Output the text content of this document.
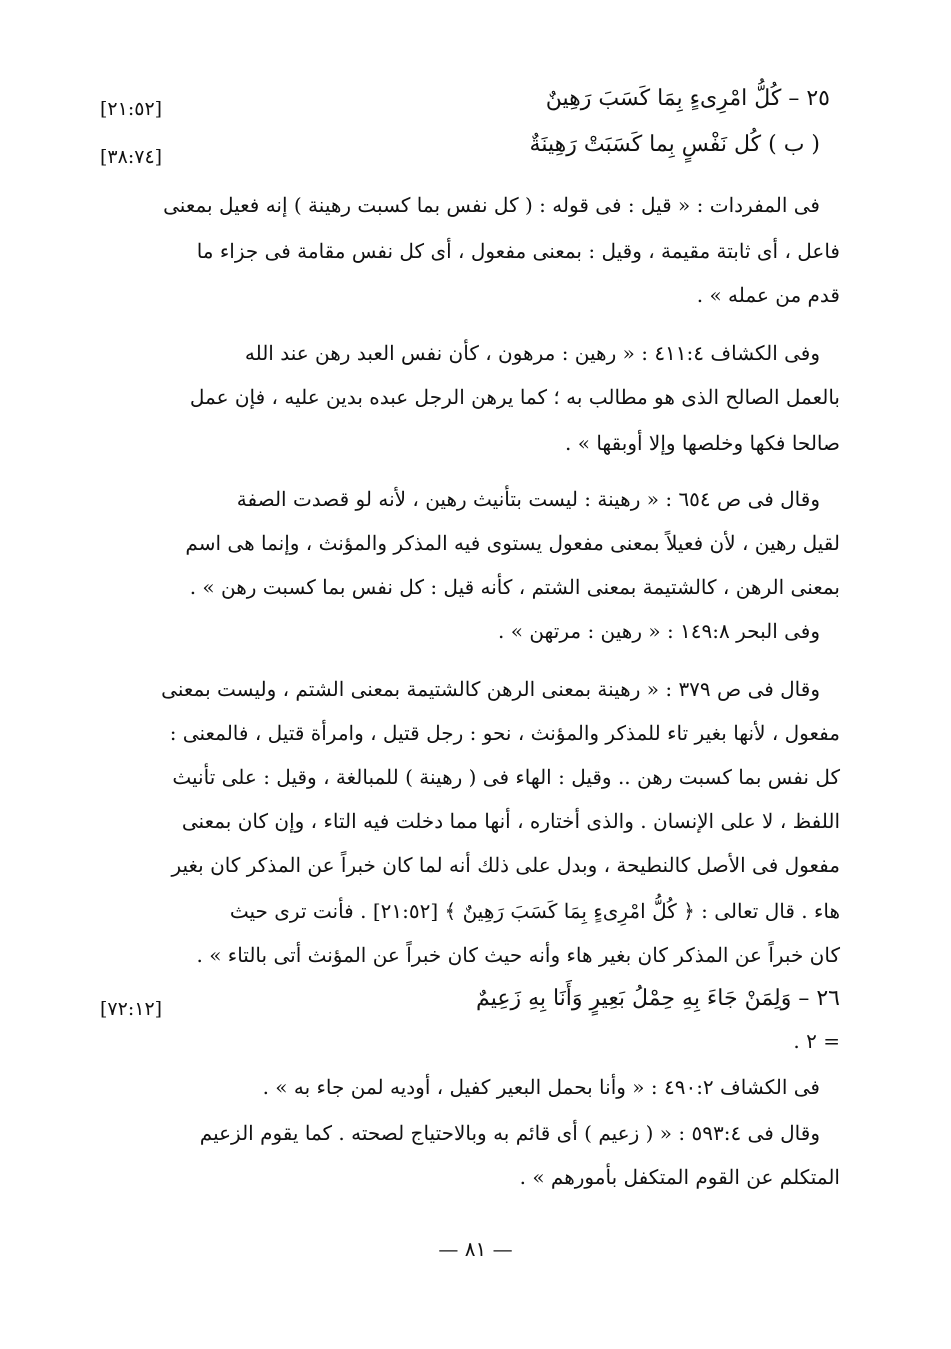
٢٥ – كُلُّ امْرِىءٍ بِمَا كَسَبَ رَهِينٌ
[٢١:٥٢]
( ب ) كُل نَفْسٍ بِما كَسَبَتْ رَهِينَةٌ
[٣٨:٧٤]
فى المفردات : « قيل : فى قوله : ( كل نفس بما كسبت رهينة ) إنه فعيل بمعنى
فاعل ، أى ثابتة مقيمة ، وقيل : بمعنى مفعول ، أى كل نفس مقامة فى جزاء ما
قدم من عمله » .
وفى الكشاف ٤١١:٤ : « رهين : مرهون ، كأن نفس العبد رهن عند الله
بالعمل الصالح الذى هو مطالب به ؛ كما يرهن الرجل عبده بدين عليه ، فإن عمل
صالحا فكها وخلصها وإلا أوبقها » .
وقال فى ص ٦٥٤ : « رهينة : ليست بتأنيث رهين ، لأنه لو قصدت الصفة
لقيل رهين ، لأن فعيلاً بمعنى مفعول يستوى فيه المذكر والمؤنث ، وإنما هى اسم
بمعنى الرهن ، كالشتيمة بمعنى الشتم ، كأنه قيل : كل نفس بما كسبت رهن » .
وفى البحر ١٤٩:٨ : « رهين : مرتهن » .
وقال فى ص ٣٧٩ : « رهينة بمعنى الرهن كالشتيمة بمعنى الشتم ، وليست بمعنى
مفعول ، لأنها بغير تاء للمذكر والمؤنث ، نحو : رجل قتيل ، وامرأة قتيل ، فالمعنى :
كل نفس بما كسبت رهن .. وقيل : الهاء فى ( رهينة ) للمبالغة ، وقيل : على تأنيث
اللفظ ، لا على الإنسان . والذى أختاره ، أنها مما دخلت فيه التاء ، وإن كان بمعنى
مفعول فى الأصل كالنطيحة ، وبدل على ذلك أنه لما كان خبراً عن المذكر كان بغير
هاء . قال تعالى : ﴿ كُلُّ امْرِىءٍ بِمَا كَسَبَ رَهِينٌ ﴾ [٢١:٥٢] . فأنت ترى حيث
كان خبراً عن المذكر كان بغير هاء وأنه حيث كان خبراً عن المؤنث أتى بالتاء » .
٢٦ – وَلِمَنْ جَاءَ بِهِ حِمْلُ بَعِيرٍ وَأَنَا بِهِ زَعِيمٌ
[٧٢:١٢]
= ٢ .
فى الكشاف ٤٩٠:٢ : « وأنا بحمل البعير كفيل ، أوديه لمن جاء به » .
وقال فى ٥٩٣:٤ : « ( زعيم ) أى قائم به وبالاحتياج لصحته . كما يقوم الزعيم
المتكلم عن القوم المتكفل بأمورهم » .
— ٨١ —
